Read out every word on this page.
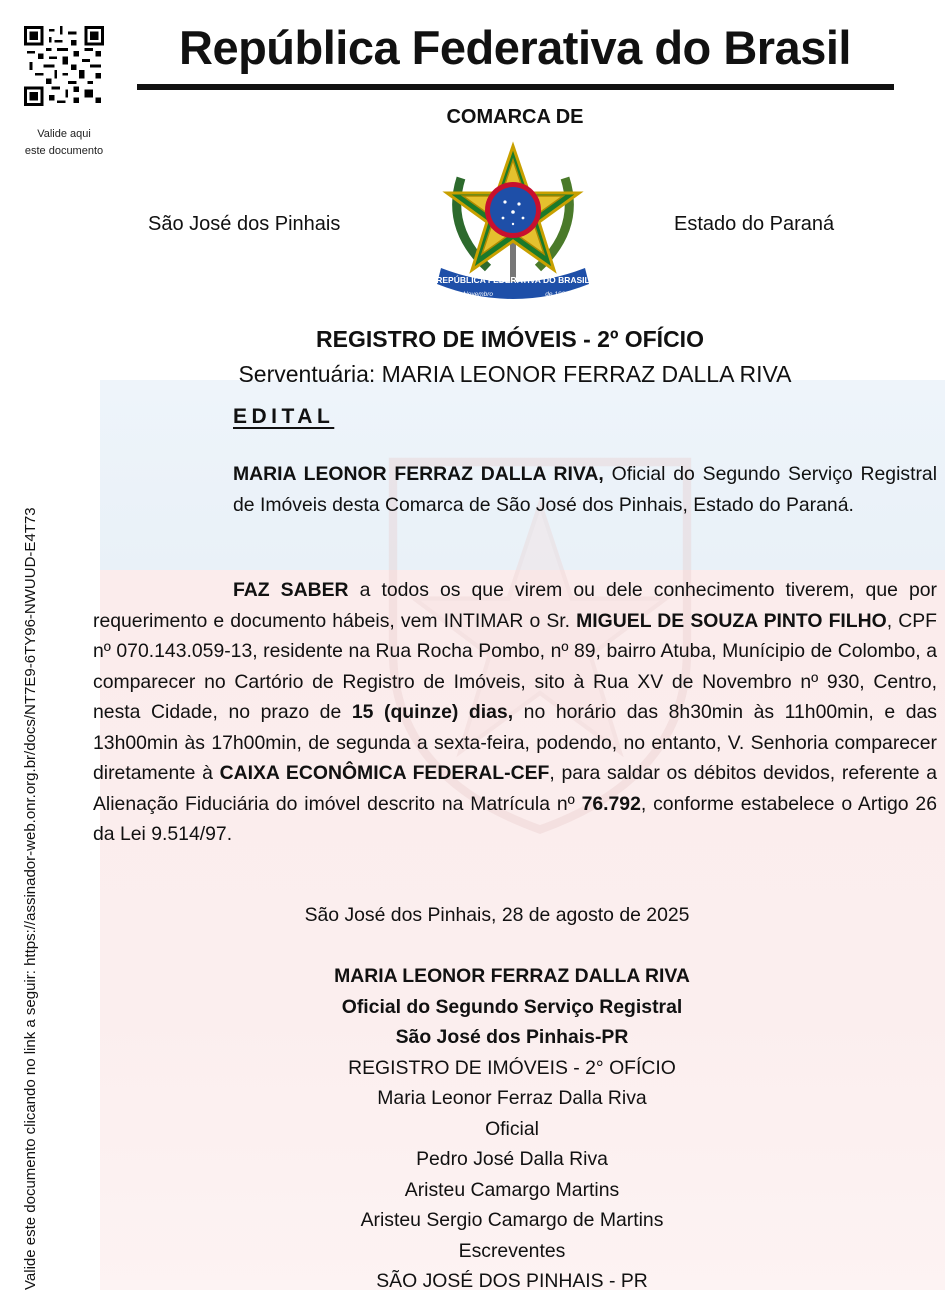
Valide aqui
este documento
República Federativa do Brasil
COMARCA DE
São José dos Pinhais	Estado do Paraná
REPÚBLICA FEDERATIVA DO BRASIL
15 de Novembro	de 1889
REGISTRO DE IMÓVEIS - 2º OFÍCIO
Serventuária: MARIA LEONOR FERRAZ DALLA RIVA
EDITAL
MARIA LEONOR FERRAZ DALLA RIVA, Oficial do Segundo Serviço Registral de Imóveis desta Comarca de São José dos Pinhais, Estado do Paraná.
FAZ SABER a todos os que virem ou dele conhecimento tiverem, que por requerimento e documento hábeis, vem INTIMAR o Sr. MIGUEL DE SOUZA PINTO FILHO, CPF nº 070.143.059-13, residente na Rua Rocha Pombo, nº 89, bairro Atuba, Munícipio de Colombo, a comparecer no Cartório de Registro de Imóveis, sito à Rua XV de Novembro nº 930, Centro, nesta Cidade, no prazo de 15 (quinze) dias, no horário das 8h30min às 11h00min, e das 13h00min às 17h00min, de segunda a sexta-feira, podendo, no entanto, V. Senhoria comparecer diretamente à CAIXA ECONÔMICA FEDERAL-CEF, para saldar os débitos devidos, referente a Alienação Fiduciária do imóvel descrito na Matrícula nº 76.792, conforme estabelece o Artigo 26 da Lei 9.514/97.
São José dos Pinhais, 28 de agosto de 2025
MARIA LEONOR FERRAZ DALLA RIVA
Oficial do Segundo Serviço Registral
São José dos Pinhais-PR
REGISTRO DE IMÓVEIS - 2° OFÍCIO
Maria Leonor Ferraz Dalla Riva
Oficial
Pedro José Dalla Riva
Aristeu Camargo Martins
Aristeu Sergio Camargo de Martins
Escreventes
SÃO JOSÉ DOS PINHAIS - PR
Valide este documento clicando no link a seguir: https://assinador-web.onr.org.br/docs/NT7E9-6TY96-NWUUD-E4T73
